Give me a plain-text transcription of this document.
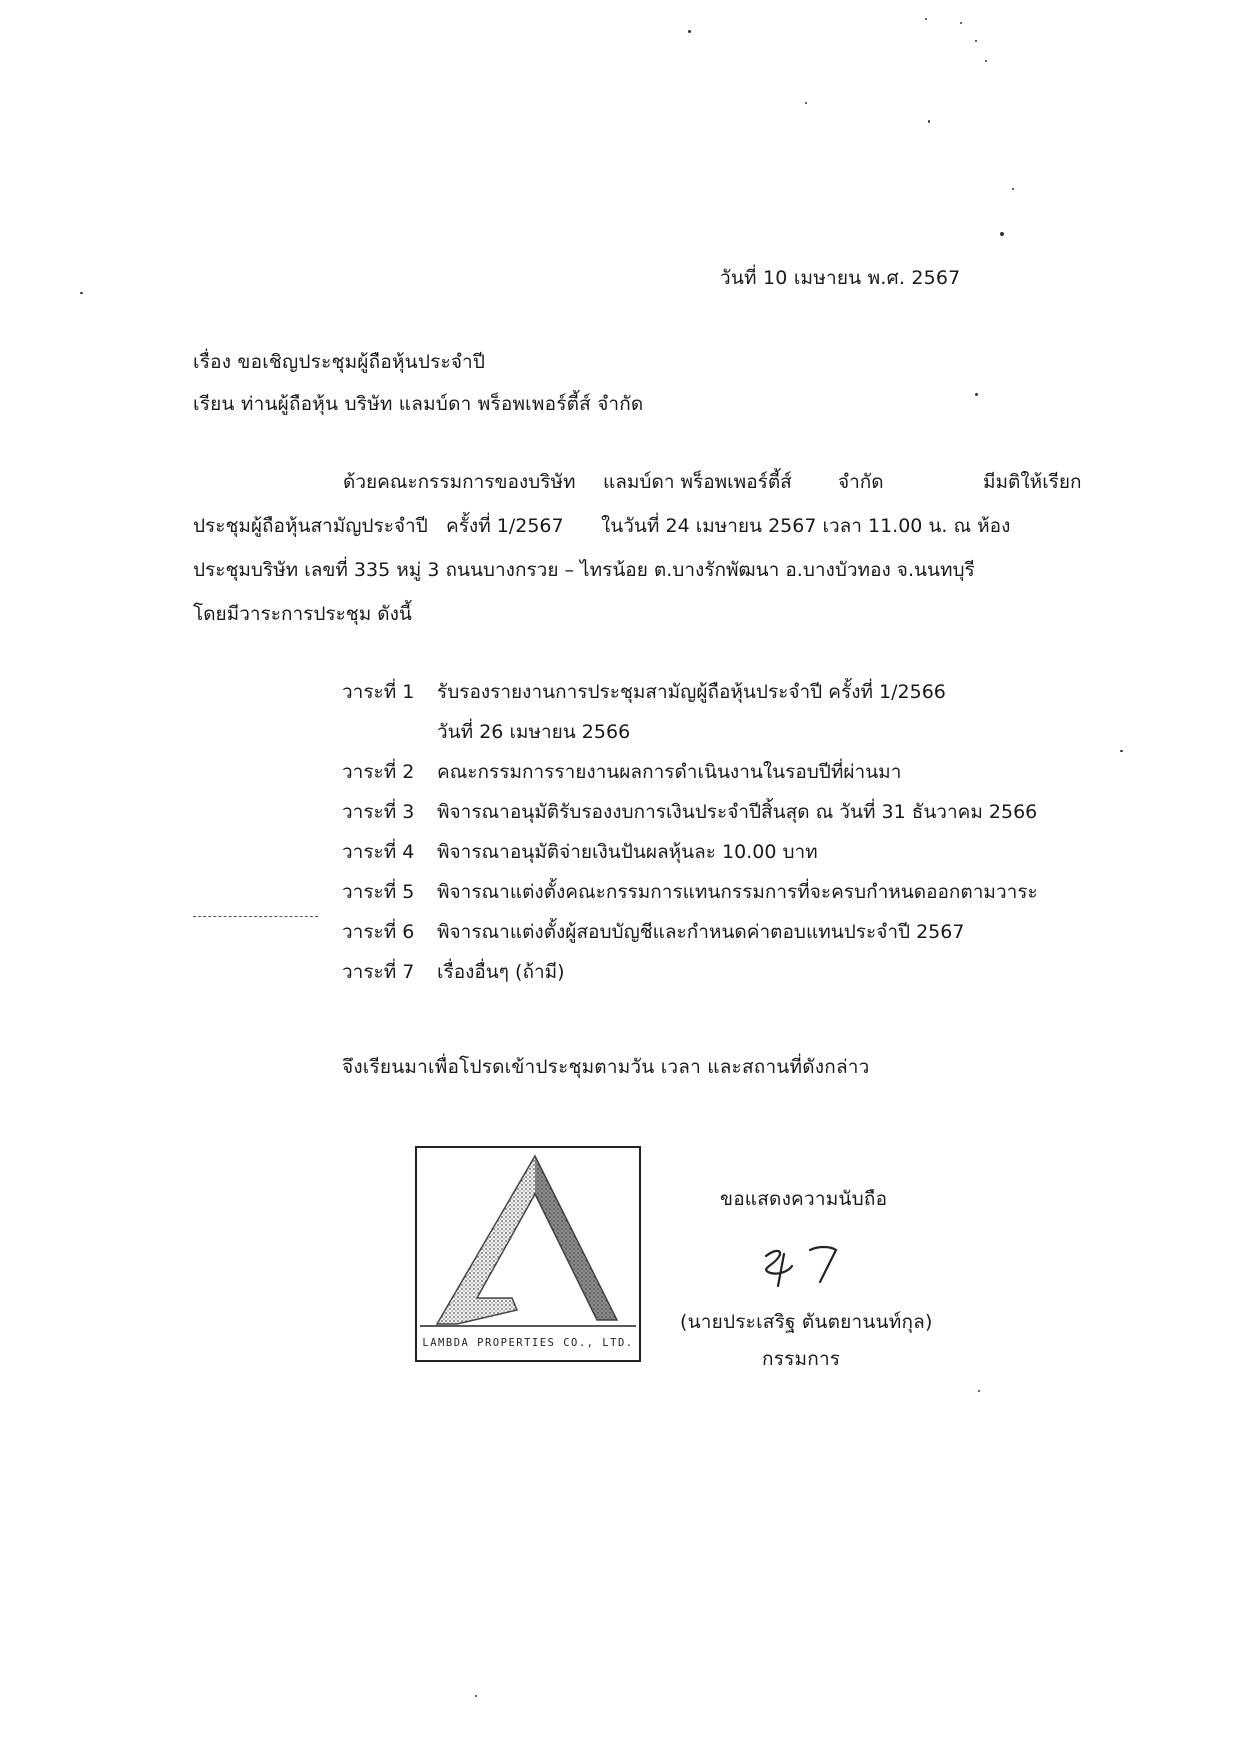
วันที่ 10 เมษายน พ.ศ. 2567
เรื่อง ขอเชิญประชุมผู้ถือหุ้นประจำปี
เรียน ท่านผู้ถือหุ้น บริษัท แลมบ์ดา พร็อพเพอร์ตี้ส์ จำกัด
ด้วยคณะกรรมการของบริษัท แลมบ์ดา พร็อพเพอร์ตี้ส์ จำกัด	มีมติให้เรียก
ประชุมผู้ถือหุ้นสามัญประจำปี ครั้งที่ 1/2567 ในวันที่ 24 เมษายน 2567 เวลา 11.00 น. ณ ห้อง
ประชุมบริษัท เลขที่ 335 หมู่ 3 ถนนบางกรวย – ไทรน้อย ต.บางรักพัฒนา อ.บางบัวทอง จ.นนทบุรี
โดยมีวาระการประชุม ดังนี้
วาระที่ 1 รับรองรายงานการประชุมสามัญผู้ถือหุ้นประจำปี ครั้งที่ 1/2566
วันที่ 26 เมษายน 2566
วาระที่ 2 คณะกรรมการรายงานผลการดำเนินงานในรอบปีที่ผ่านมา
วาระที่ 3 พิจารณาอนุมัติรับรองงบการเงินประจำปีสิ้นสุด ณ วันที่ 31 ธันวาคม 2566
วาระที่ 4 พิจารณาอนุมัติจ่ายเงินปันผลหุ้นละ 10.00 บาท
วาระที่ 5 พิจารณาแต่งตั้งคณะกรรมการแทนกรรมการที่จะครบกำหนดออกตามวาระ
วาระที่ 6 พิจารณาแต่งตั้งผู้สอบบัญชีและกำหนดค่าตอบแทนประจำปี 2567
วาระที่ 7 เรื่องอื่นๆ (ถ้ามี)
จึงเรียนมาเพื่อโปรดเข้าประชุมตามวัน เวลา และสถานที่ดังกล่าว
LAMBDA PROPERTIES CO., LTD.
ขอแสดงความนับถือ
(นายประเสริฐ ตันตยานนท์กุล)
กรรมการ
